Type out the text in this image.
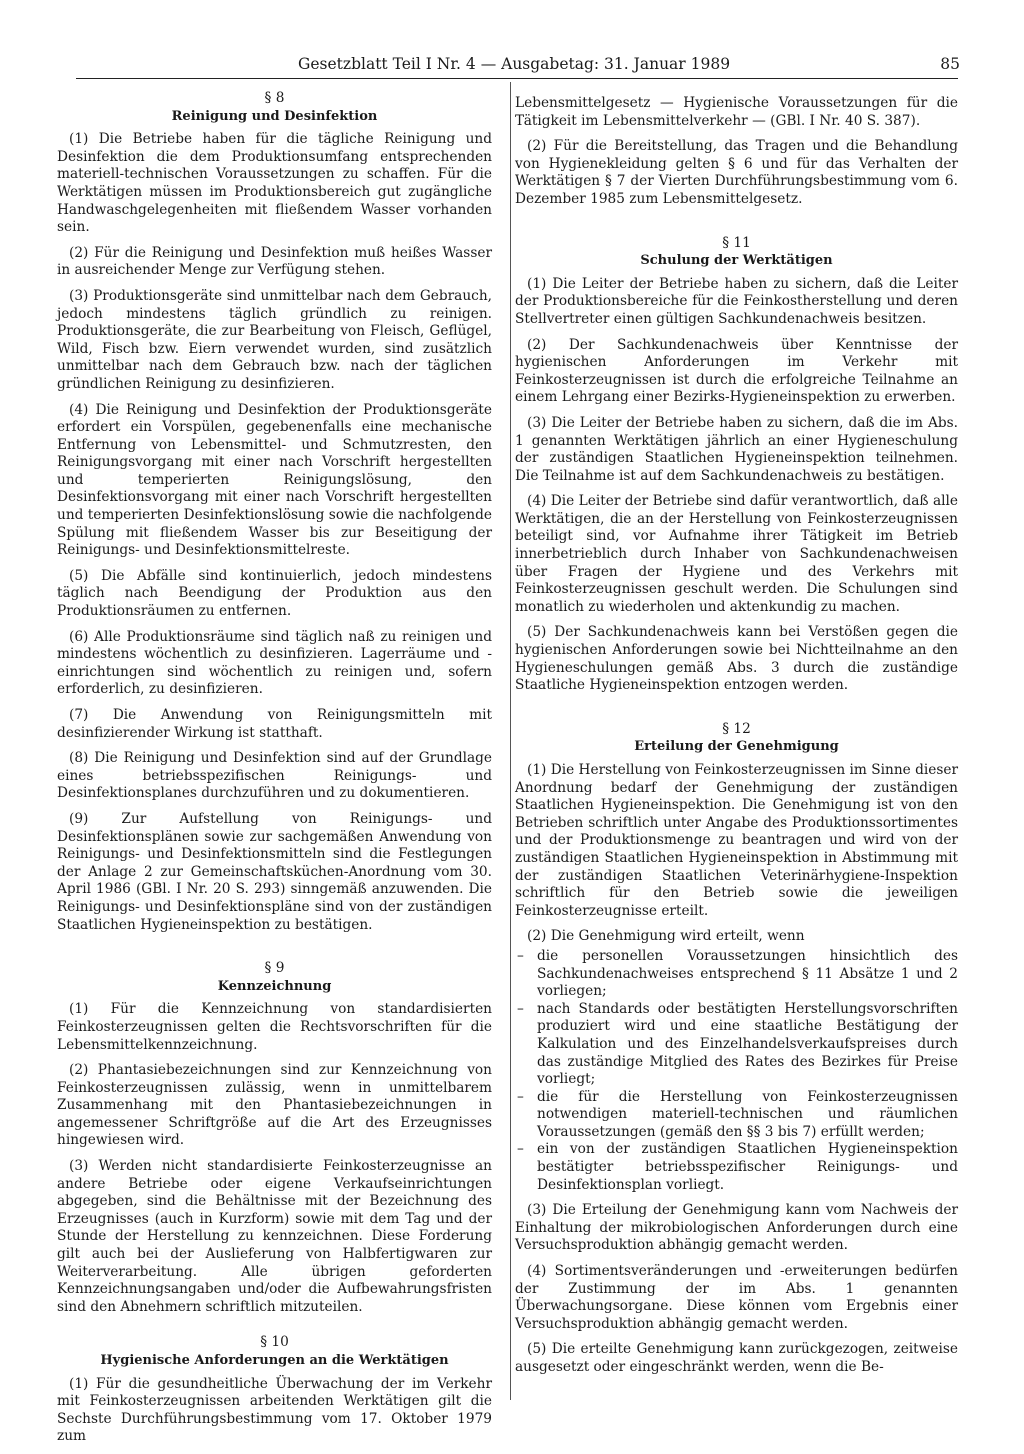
Gesetzblatt Teil I Nr. 4 — Ausgabetag: 31. Januar 1989	85
§ 8
Reinigung und Desinfektion

(1) Die Betriebe haben für die tägliche Reinigung und Desinfektion die dem Produktionsumfang entsprechenden materiell-technischen Voraussetzungen zu schaffen. Für die Werktätigen müssen im Produktionsbereich gut zugängliche Handwaschgelegenheiten mit fließendem Wasser vorhanden sein.

(2) Für die Reinigung und Desinfektion muß heißes Wasser in ausreichender Menge zur Verfügung stehen.

(3) Produktionsgeräte sind unmittelbar nach dem Gebrauch, jedoch mindestens täglich gründlich zu reinigen. Produktionsgeräte, die zur Bearbeitung von Fleisch, Geflügel, Wild, Fisch bzw. Eiern verwendet wurden, sind zusätzlich unmittelbar nach dem Gebrauch bzw. nach der täglichen gründlichen Reinigung zu desinfizieren.

(4) Die Reinigung und Desinfektion der Produktionsgeräte erfordert ein Vorspülen, gegebenenfalls eine mechanische Entfernung von Lebensmittel- und Schmutzresten, den Reinigungsvorgang mit einer nach Vorschrift hergestellten und temperierten Reinigungslösung, den Desinfektionsvorgang mit einer nach Vorschrift hergestellten und temperierten Desinfektionslösung sowie die nachfolgende Spülung mit fließendem Wasser bis zur Beseitigung der Reinigungs- und Desinfektionsmittelreste.

(5) Die Abfälle sind kontinuierlich, jedoch mindestens täglich nach Beendigung der Produktion aus den Produktionsräumen zu entfernen.

(6) Alle Produktionsräume sind täglich naß zu reinigen und mindestens wöchentlich zu desinfizieren. Lagerräume und -einrichtungen sind wöchentlich zu reinigen und, sofern erforderlich, zu desinfizieren.

(7) Die Anwendung von Reinigungsmitteln mit desinfizierender Wirkung ist statthaft.

(8) Die Reinigung und Desinfektion sind auf der Grundlage eines betriebsspezifischen Reinigungs- und Desinfektionsplanes durchzuführen und zu dokumentieren.

(9) Zur Aufstellung von Reinigungs- und Desinfektionsplänen sowie zur sachgemäßen Anwendung von Reinigungs- und Desinfektionsmitteln sind die Festlegungen der Anlage 2 zur Gemeinschaftsküchen-Anordnung vom 30. April 1986 (GBl. I Nr. 20 S. 293) sinngemäß anzuwenden. Die Reinigungs- und Desinfektionspläne sind von der zuständigen Staatlichen Hygieneinspektion zu bestätigen.

§ 9
Kennzeichnung

(1) Für die Kennzeichnung von standardisierten Feinkosterzeugnissen gelten die Rechtsvorschriften für die Lebensmittelkennzeichnung.

(2) Phantasiebezeichnungen sind zur Kennzeichnung von Feinkosterzeugnissen zulässig, wenn in unmittelbarem Zusammenhang mit den Phantasiebezeichnungen in angemessener Schriftgröße auf die Art des Erzeugnisses hingewiesen wird.

(3) Werden nicht standardisierte Feinkosterzeugnisse an andere Betriebe oder eigene Verkaufseinrichtungen abgegeben, sind die Behältnisse mit der Bezeichnung des Erzeugnisses (auch in Kurzform) sowie mit dem Tag und der Stunde der Herstellung zu kennzeichnen. Diese Forderung gilt auch bei der Auslieferung von Halbfertigwaren zur Weiterverarbeitung. Alle übrigen geforderten Kennzeichnungsangaben und/oder die Aufbewahrungsfristen sind den Abnehmern schriftlich mitzuteilen.

§ 10
Hygienische Anforderungen an die Werktätigen

(1) Für die gesundheitliche Überwachung der im Verkehr mit Feinkosterzeugnissen arbeitenden Werktätigen gilt die Sechste Durchführungsbestimmung vom 17. Oktober 1979 zum

Lebensmittelgesetz — Hygienische Voraussetzungen für die Tätigkeit im Lebensmittelverkehr — (GBl. I Nr. 40 S. 387).

(2) Für die Bereitstellung, das Tragen und die Behandlung von Hygienekleidung gelten § 6 und für das Verhalten der Werktätigen § 7 der Vierten Durchführungsbestimmung vom 6. Dezember 1985 zum Lebensmittelgesetz.

§ 11
Schulung der Werktätigen

(1) Die Leiter der Betriebe haben zu sichern, daß die Leiter der Produktionsbereiche für die Feinkostherstellung und deren Stellvertreter einen gültigen Sachkundenachweis besitzen.

(2) Der Sachkundenachweis über Kenntnisse der hygienischen Anforderungen im Verkehr mit Feinkosterzeugnissen ist durch die erfolgreiche Teilnahme an einem Lehrgang einer Bezirks-Hygieneinspektion zu erwerben.

(3) Die Leiter der Betriebe haben zu sichern, daß die im Abs. 1 genannten Werktätigen jährlich an einer Hygieneschulung der zuständigen Staatlichen Hygieneinspektion teilnehmen. Die Teilnahme ist auf dem Sachkundenachweis zu bestätigen.

(4) Die Leiter der Betriebe sind dafür verantwortlich, daß alle Werktätigen, die an der Herstellung von Feinkosterzeugnissen beteiligt sind, vor Aufnahme ihrer Tätigkeit im Betrieb innerbetrieblich durch Inhaber von Sachkundenachweisen über Fragen der Hygiene und des Verkehrs mit Feinkosterzeugnissen geschult werden. Die Schulungen sind monatlich zu wiederholen und aktenkundig zu machen.

(5) Der Sachkundenachweis kann bei Verstößen gegen die hygienischen Anforderungen sowie bei Nichtteilnahme an den Hygieneschulungen gemäß Abs. 3 durch die zuständige Staatliche Hygieneinspektion entzogen werden.

§ 12
Erteilung der Genehmigung

(1) Die Herstellung von Feinkosterzeugnissen im Sinne dieser Anordnung bedarf der Genehmigung der zuständigen Staatlichen Hygieneinspektion. Die Genehmigung ist von den Betrieben schriftlich unter Angabe des Produktionssortimentes und der Produktionsmenge zu beantragen und wird von der zuständigen Staatlichen Hygieneinspektion in Abstimmung mit der zuständigen Staatlichen Veterinärhygiene-Inspektion schriftlich für den Betrieb sowie die jeweiligen Feinkosterzeugnisse erteilt.

(2) Die Genehmigung wird erteilt, wenn

– die personellen Voraussetzungen hinsichtlich des Sachkundenachweises entsprechend § 11 Absätze 1 und 2 vorliegen;
– nach Standards oder bestätigten Herstellungsvorschriften produziert wird und eine staatliche Bestätigung der Kalkulation und des Einzelhandelsverkaufspreises durch das zuständige Mitglied des Rates des Bezirkes für Preise vorliegt;
– die für die Herstellung von Feinkosterzeugnissen notwendigen materiell-technischen und räumlichen Voraussetzungen (gemäß den §§ 3 bis 7) erfüllt werden;
– ein von der zuständigen Staatlichen Hygieneinspektion bestätigter betriebsspezifischer Reinigungs- und Desinfektionsplan vorliegt.

(3) Die Erteilung der Genehmigung kann vom Nachweis der Einhaltung der mikrobiologischen Anforderungen durch eine Versuchsproduktion abhängig gemacht werden.

(4) Sortimentsveränderungen und -erweiterungen bedürfen der Zustimmung der im Abs. 1 genannten Überwachungsorgane. Diese können vom Ergebnis einer Versuchsproduktion abhängig gemacht werden.

(5) Die erteilte Genehmigung kann zurückgezogen, zeitweise ausgesetzt oder eingeschränkt werden, wenn die Be-
